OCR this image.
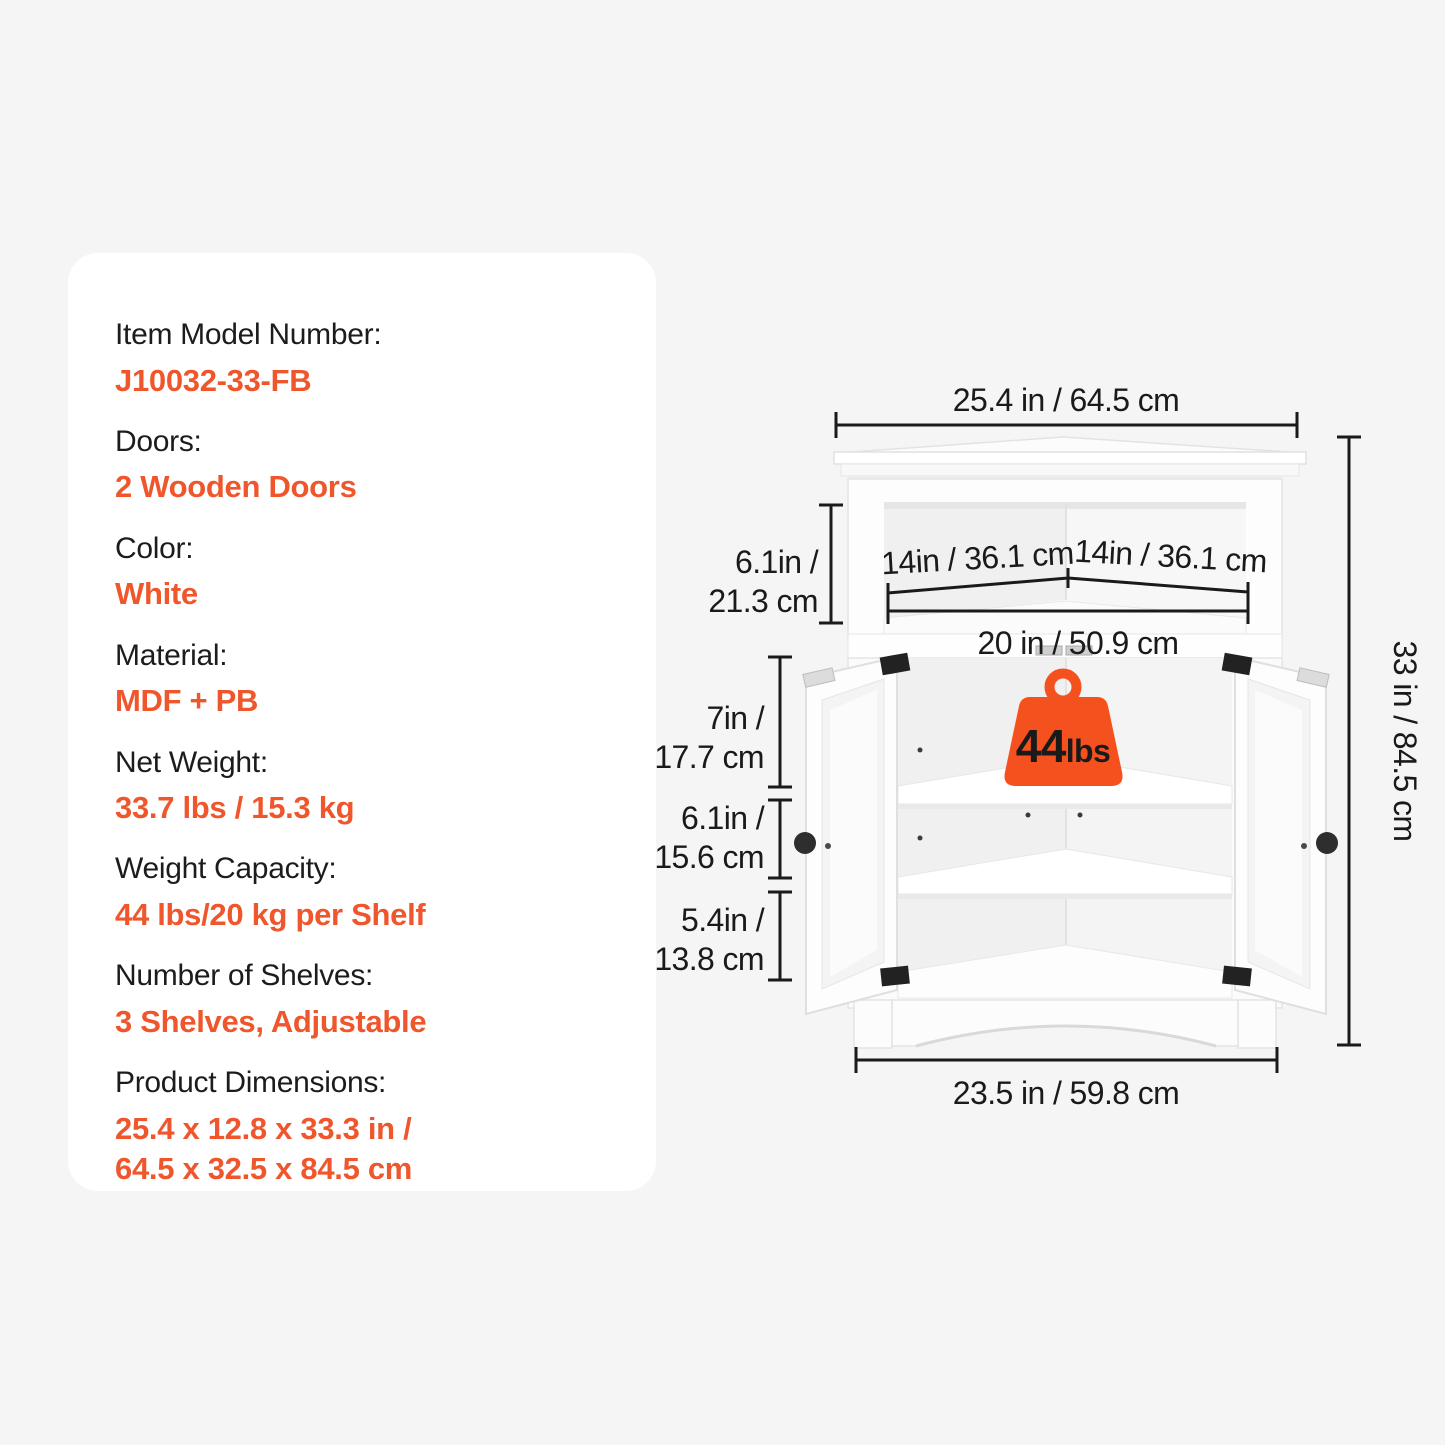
Item Model Number:
J10032-33-FB
Doors:
2 Wooden Doors
Color:
White
Material:
MDF + PB
Net Weight:
33.7 lbs / 15.3 kg
Weight Capacity:
44 lbs/20 kg per Shelf
Number of Shelves:
3 Shelves, Adjustable
Product Dimensions:
25.4 x 12.8 x 33.3 in /
64.5 x 32.5 x 84.5 cm
44lbs
25.4 in / 64.5 cm
6.1in /
21.3 cm
14in / 36.1 cm
14in / 36.1 cm
20 in / 50.9 cm
7in /
17.7 cm
6.1in /
15.6 cm
5.4in /
13.8 cm
33 in / 84.5 cm
23.5 in / 59.8 cm
